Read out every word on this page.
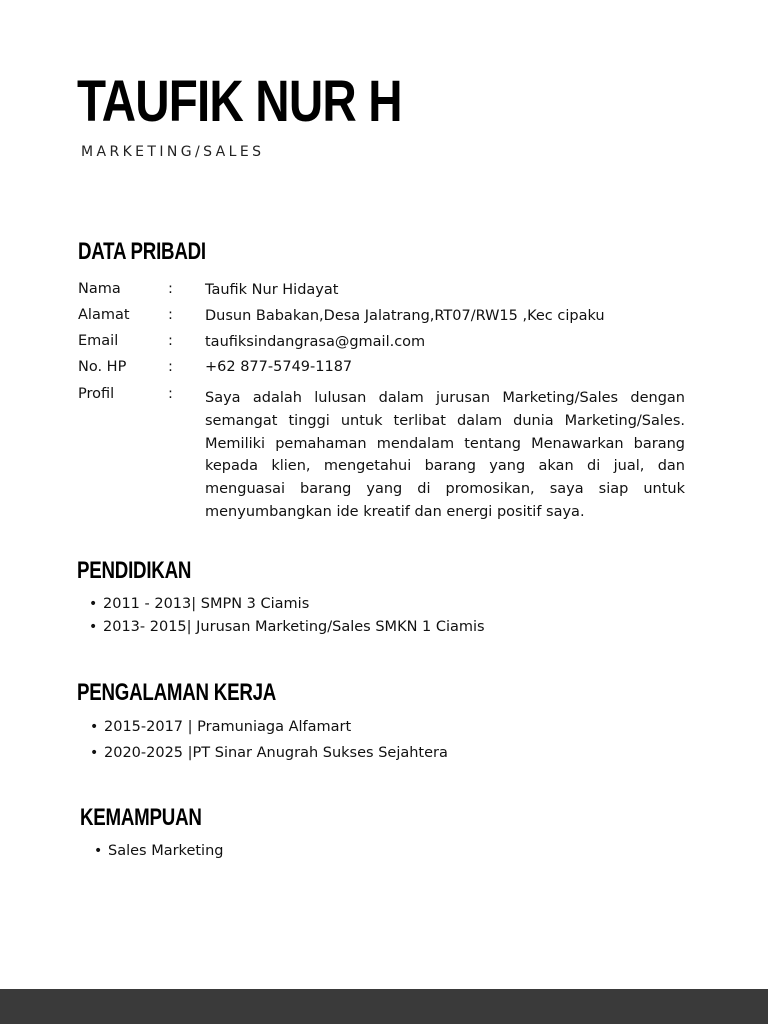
TAUFIK NUR H
MARKETING/SALES
DATA PRIBADI
Nama	: Taufik Nur Hidayat
Alamat	: Dusun Babakan,Desa Jalatrang,RT07/RW15 ,Kec cipaku
Email	: taufiksindangrasa@gmail.com
No. HP	: +62 877-5749-1187
Profil	: Saya adalah lulusan dalam jurusan Marketing/Sales dengan semangat tinggi untuk terlibat dalam dunia Marketing/Sales. Memiliki pemahaman mendalam tentang Menawarkan barang kepada klien, mengetahui barang yang akan di jual, dan menguasai barang yang di promosikan, saya siap untuk menyumbangkan ide kreatif dan energi positif saya.

PENDIDIKAN
• 2011 - 2013| SMPN 3 Ciamis
• 2013- 2015| Jurusan Marketing/Sales SMKN 1 Ciamis
PENGALAMAN KERJA
• 2015-2017 | Pramuniaga Alfamart
• 2020-2025 |PT Sinar Anugrah Sukses Sejahtera
KEMAMPUAN
• Sales Marketing
